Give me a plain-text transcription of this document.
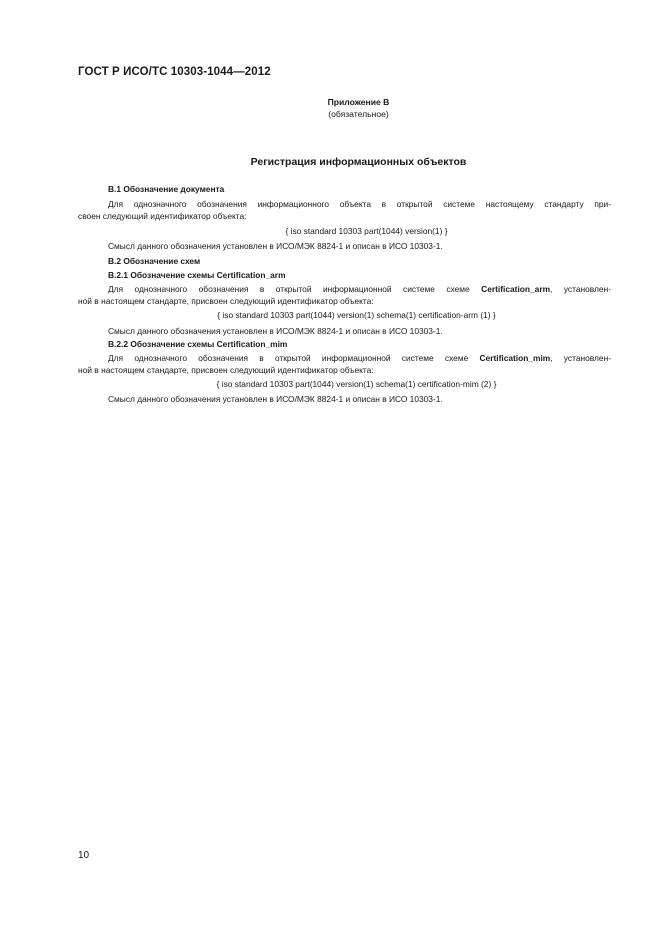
ГОСТ Р ИСО/ТС 10303-1044—2012
Приложение В
(обязательное)
Регистрация информационных объектов
В.1 Обозначение документа
Для однозначного обозначения информационного объекта в открытой системе настоящему стандарту при-
своен следующий идентификатор объекта:
{ iso standard 10303 part(1044) version(1) }
Смысл данного обозначения установлен в ИСО/МЭК 8824-1 и описан в ИСО 10303-1.
В.2 Обозначение схем
В.2.1 Обозначение схемы Certification_arm
Для однозначного обозначения в открытой информационной системе схеме Certification_arm, установлен-
ной в настоящем стандарте, присвоен следующий идентификатор объекта:
{ iso standard 10303 part(1044) version(1) schema(1) certification-arm (1) }
Смысл данного обозначения установлен в ИСО/МЭК 8824-1 и описан в ИСО 10303-1.
В.2.2 Обозначение схемы Certification_mim
Для однозначного обозначения в открытой информационной системе схеме Certification_mim, установлен-
ной в настоящем стандарте, присвоен следующий идентификатор объекта:
{ iso standard 10303 part(1044) version(1) schema(1) certification-mim (2) }
Смысл данного обозначения установлен в ИСО/МЭК 8824-1 и описан в ИСО 10303-1.
10
